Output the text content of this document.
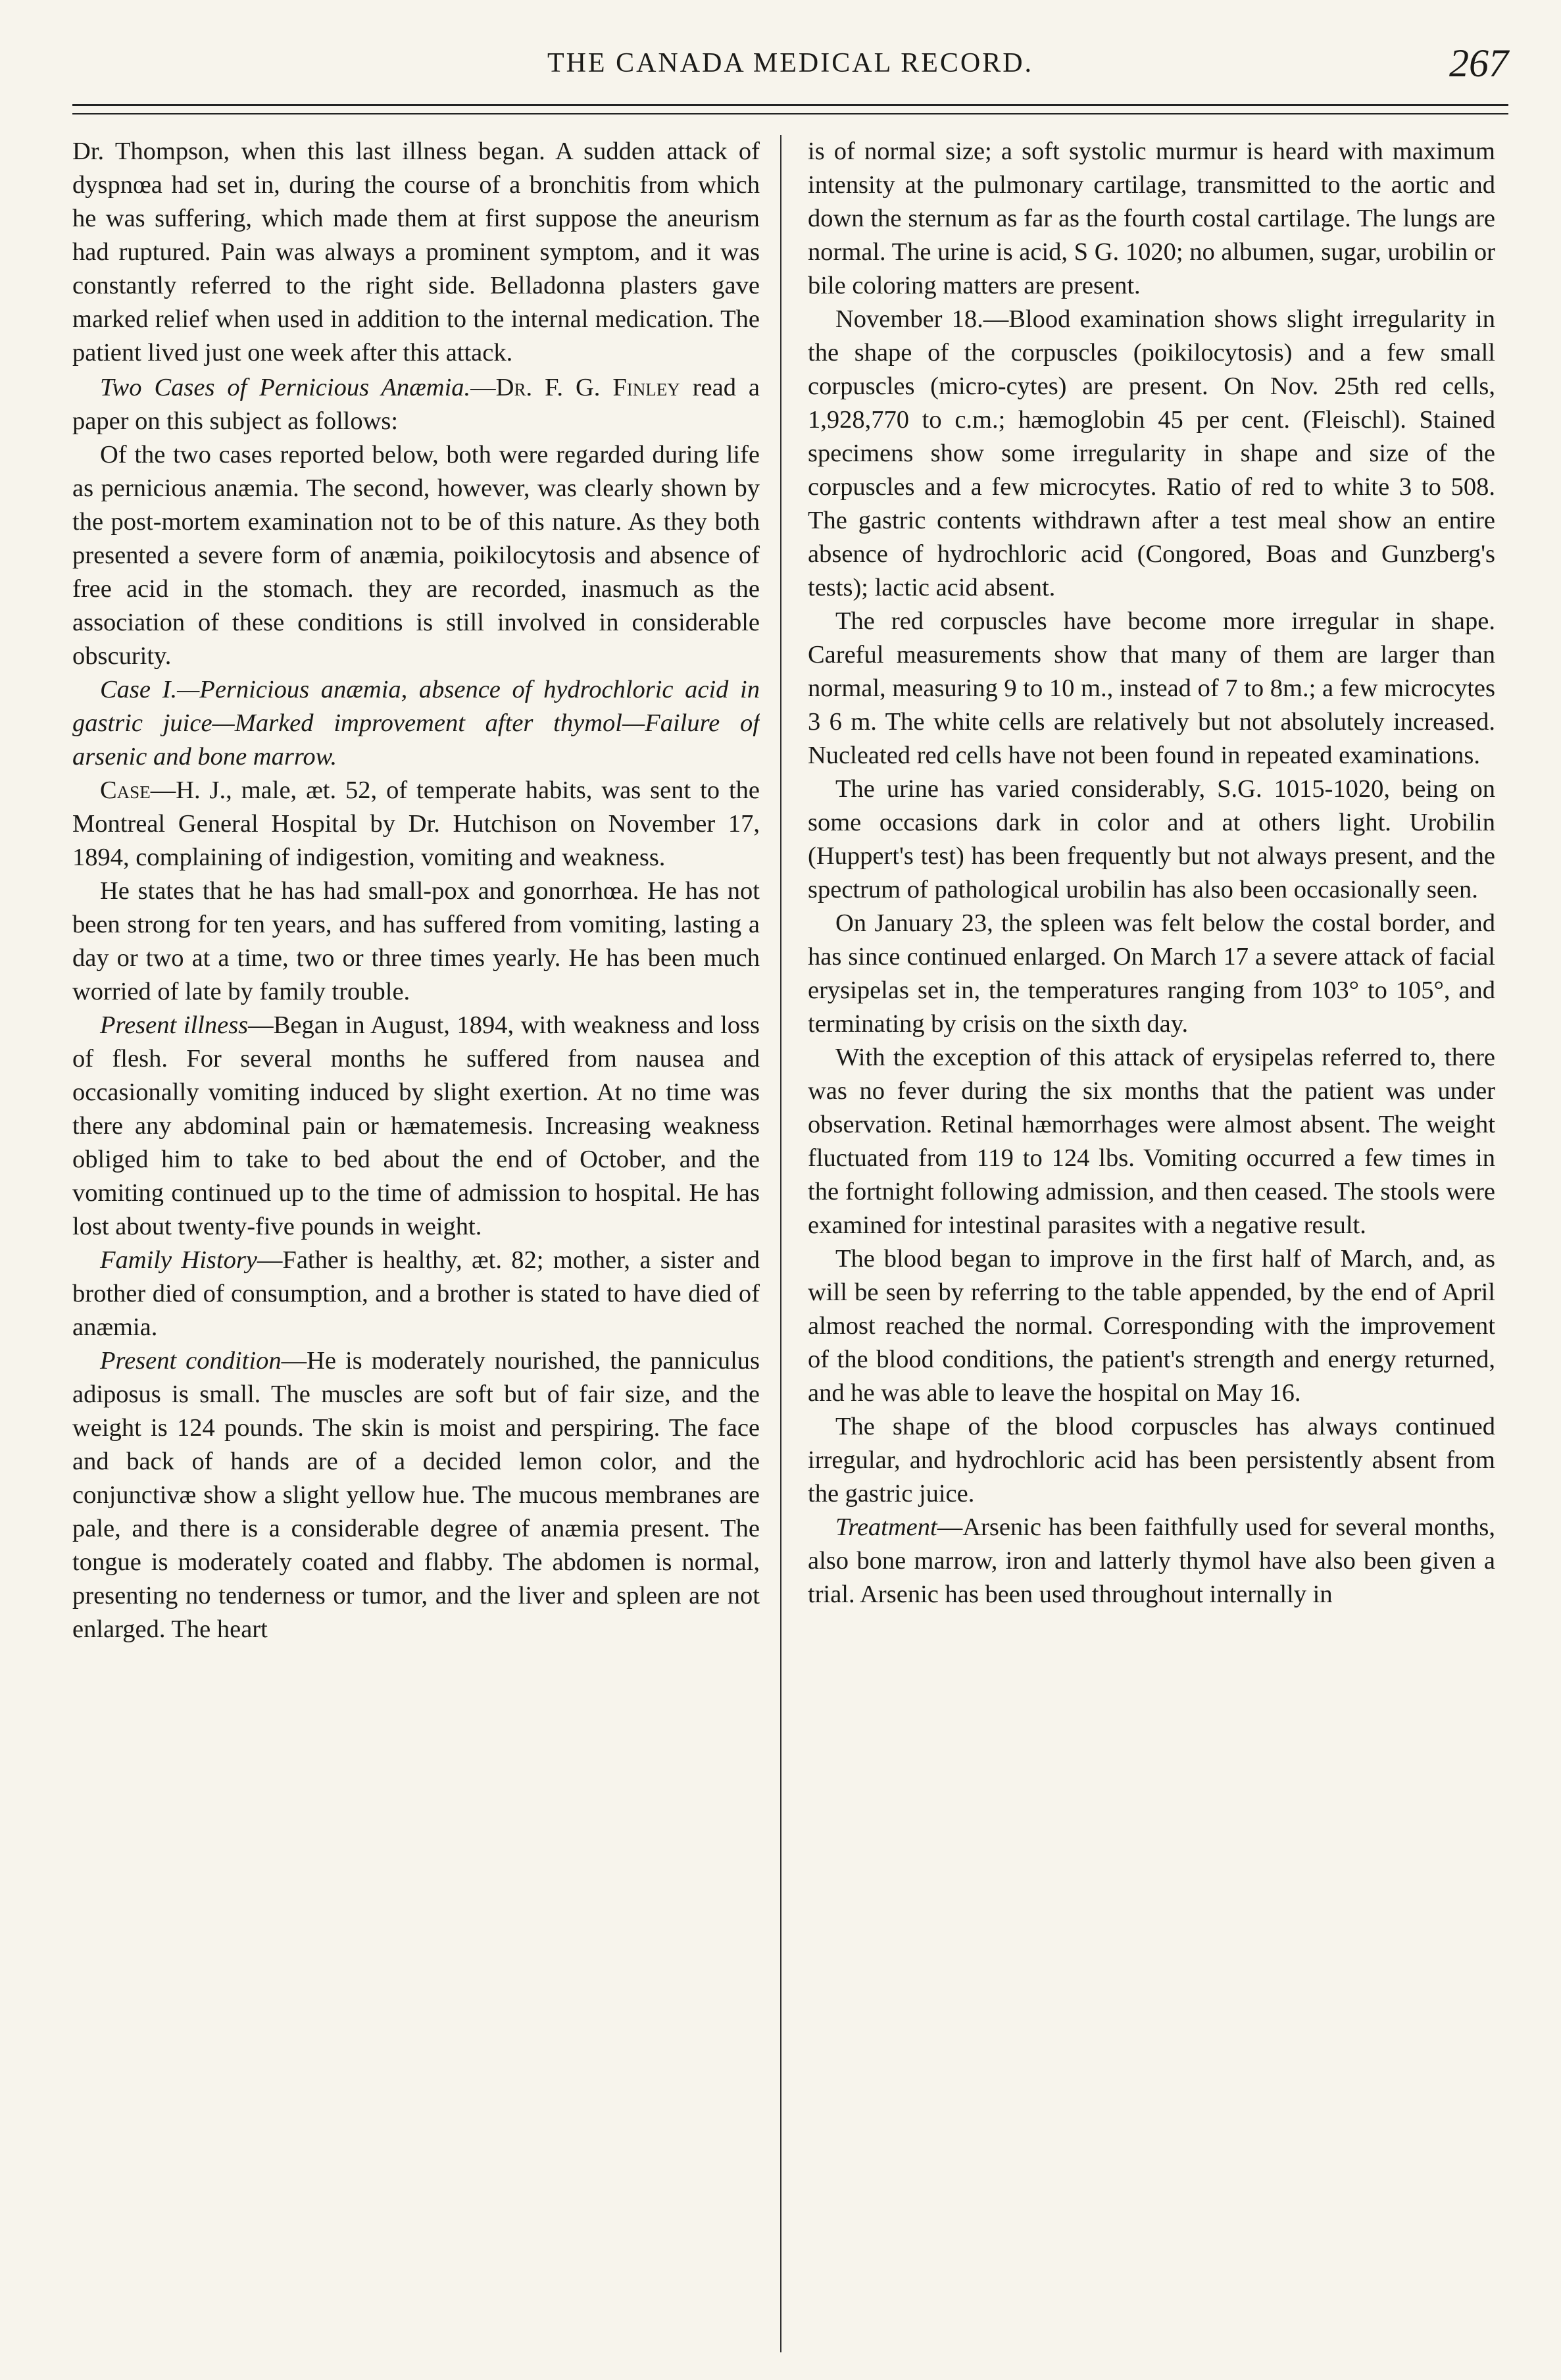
THE CANADA MEDICAL RECORD.	267

Dr. Thompson, when this last illness began. A sudden attack of dyspnœa had set in, during the course of a bronchitis from which he was suffering, which made them at first suppose the aneurism had ruptured. Pain was always a prominent symptom, and it was constantly referred to the right side. Belladonna plasters gave marked relief when used in addition to the internal medication. The patient lived just one week after this attack.

Two Cases of Pernicious Anæmia.—Dr. F. G. Finley read a paper on this subject as follows:

Of the two cases reported below, both were regarded during life as pernicious anæmia. The second, however, was clearly shown by the post-mortem examination not to be of this nature. As they both presented a severe form of anæmia, poikilocytosis and absence of free acid in the stomach. they are recorded, inasmuch as the association of these conditions is still involved in considerable obscurity.

Case I.—Pernicious anæmia, absence of hydrochloric acid in gastric juice—Marked improvement after thymol—Failure of arsenic and bone marrow.

Case—H. J., male, æt. 52, of temperate habits, was sent to the Montreal General Hospital by Dr. Hutchison on November 17, 1894, complaining of indigestion, vomiting and weakness.

He states that he has had small-pox and gonorrhœa. He has not been strong for ten years, and has suffered from vomiting, lasting a day or two at a time, two or three times yearly. He has been much worried of late by family trouble.

Present illness—Began in August, 1894, with weakness and loss of flesh. For several months he suffered from nausea and occasionally vomiting induced by slight exertion. At no time was there any abdominal pain or hæmatemesis. Increasing weakness obliged him to take to bed about the end of October, and the vomiting continued up to the time of admission to hospital. He has lost about twenty-five pounds in weight.

Family History—Father is healthy, æt. 82; mother, a sister and brother died of consumption, and a brother is stated to have died of anæmia.

Present condition—He is moderately nourished, the panniculus adiposus is small. The muscles are soft but of fair size, and the weight is 124 pounds. The skin is moist and perspiring. The face and back of hands are of a decided lemon color, and the conjunctivæ show a slight yellow hue. The mucous membranes are pale, and there is a considerable degree of anæmia present. The tongue is moderately coated and flabby. The abdomen is normal, presenting no tenderness or tumor, and the liver and spleen are not enlarged. The heart

is of normal size; a soft systolic murmur is heard with maximum intensity at the pulmonary cartilage, transmitted to the aortic and down the sternum as far as the fourth costal cartilage. The lungs are normal. The urine is acid, S G. 1020; no albumen, sugar, urobilin or bile coloring matters are present.

November 18.—Blood examination shows slight irregularity in the shape of the corpuscles (poikilocytosis) and a few small corpuscles (micro-cytes) are present. On Nov. 25th red cells, 1,928,770 to c.m.; hæmoglobin 45 per cent. (Fleischl). Stained specimens show some irregularity in shape and size of the corpuscles and a few microcytes. Ratio of red to white 3 to 508. The gastric contents withdrawn after a test meal show an entire absence of hydrochloric acid (Congored, Boas and Gunzberg's tests); lactic acid absent.

The red corpuscles have become more irregular in shape. Careful measurements show that many of them are larger than normal, measuring 9 to 10 m., instead of 7 to 8m.; a few microcytes 3 6 m. The white cells are relatively but not absolutely increased. Nucleated red cells have not been found in repeated examinations.

The urine has varied considerably, S.G. 1015-1020, being on some occasions dark in color and at others light. Urobilin (Huppert's test) has been frequently but not always present, and the spectrum of pathological urobilin has also been occasionally seen.

On January 23, the spleen was felt below the costal border, and has since continued enlarged. On March 17 a severe attack of facial erysipelas set in, the temperatures ranging from 103° to 105°, and terminating by crisis on the sixth day.

With the exception of this attack of erysipelas referred to, there was no fever during the six months that the patient was under observation. Retinal hæmorrhages were almost absent. The weight fluctuated from 119 to 124 lbs. Vomiting occurred a few times in the fortnight following admission, and then ceased. The stools were examined for intestinal parasites with a negative result.

The blood began to improve in the first half of March, and, as will be seen by referring to the table appended, by the end of April almost reached the normal. Corresponding with the improvement of the blood conditions, the patient's strength and energy returned, and he was able to leave the hospital on May 16.

The shape of the blood corpuscles has always continued irregular, and hydrochloric acid has been persistently absent from the gastric juice.

Treatment—Arsenic has been faithfully used for several months, also bone marrow, iron and latterly thymol have also been given a trial. Arsenic has been used throughout internally in
